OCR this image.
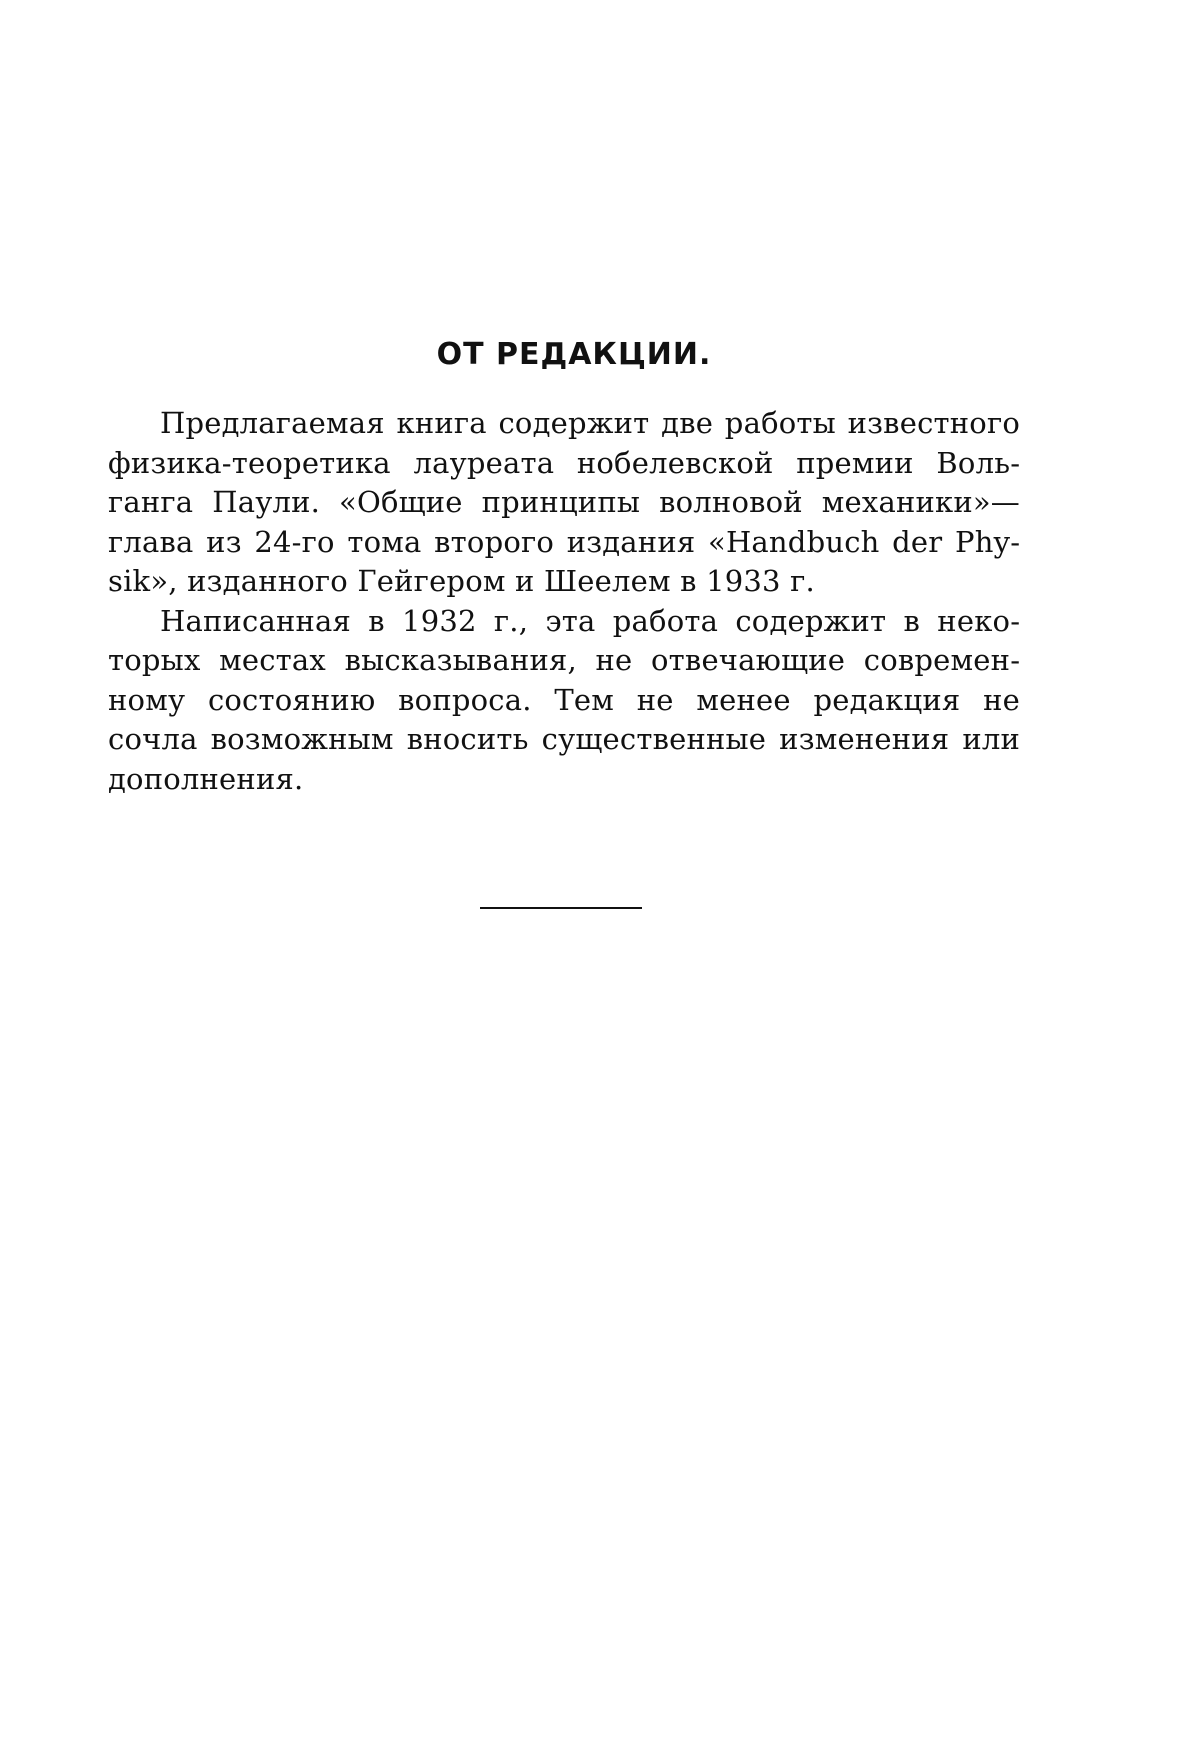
ОТ РЕДАКЦИИ.

Предлагаемая книга содержит две работы известного физика-теоретика лауреата нобелевской премии Вольганга Паули. «Общие принципы волновой механики»— глава из 24-го тома второго издания «Handbuch der Physik», изданного Гейгером и Шеелем в 1933 г.

Написанная в 1932 г., эта работа содержит в некоторых местах высказывания, не отвечающие современному состоянию вопроса. Тем не менее редакция не сочла возможным вносить существенные изменения или дополнения.
